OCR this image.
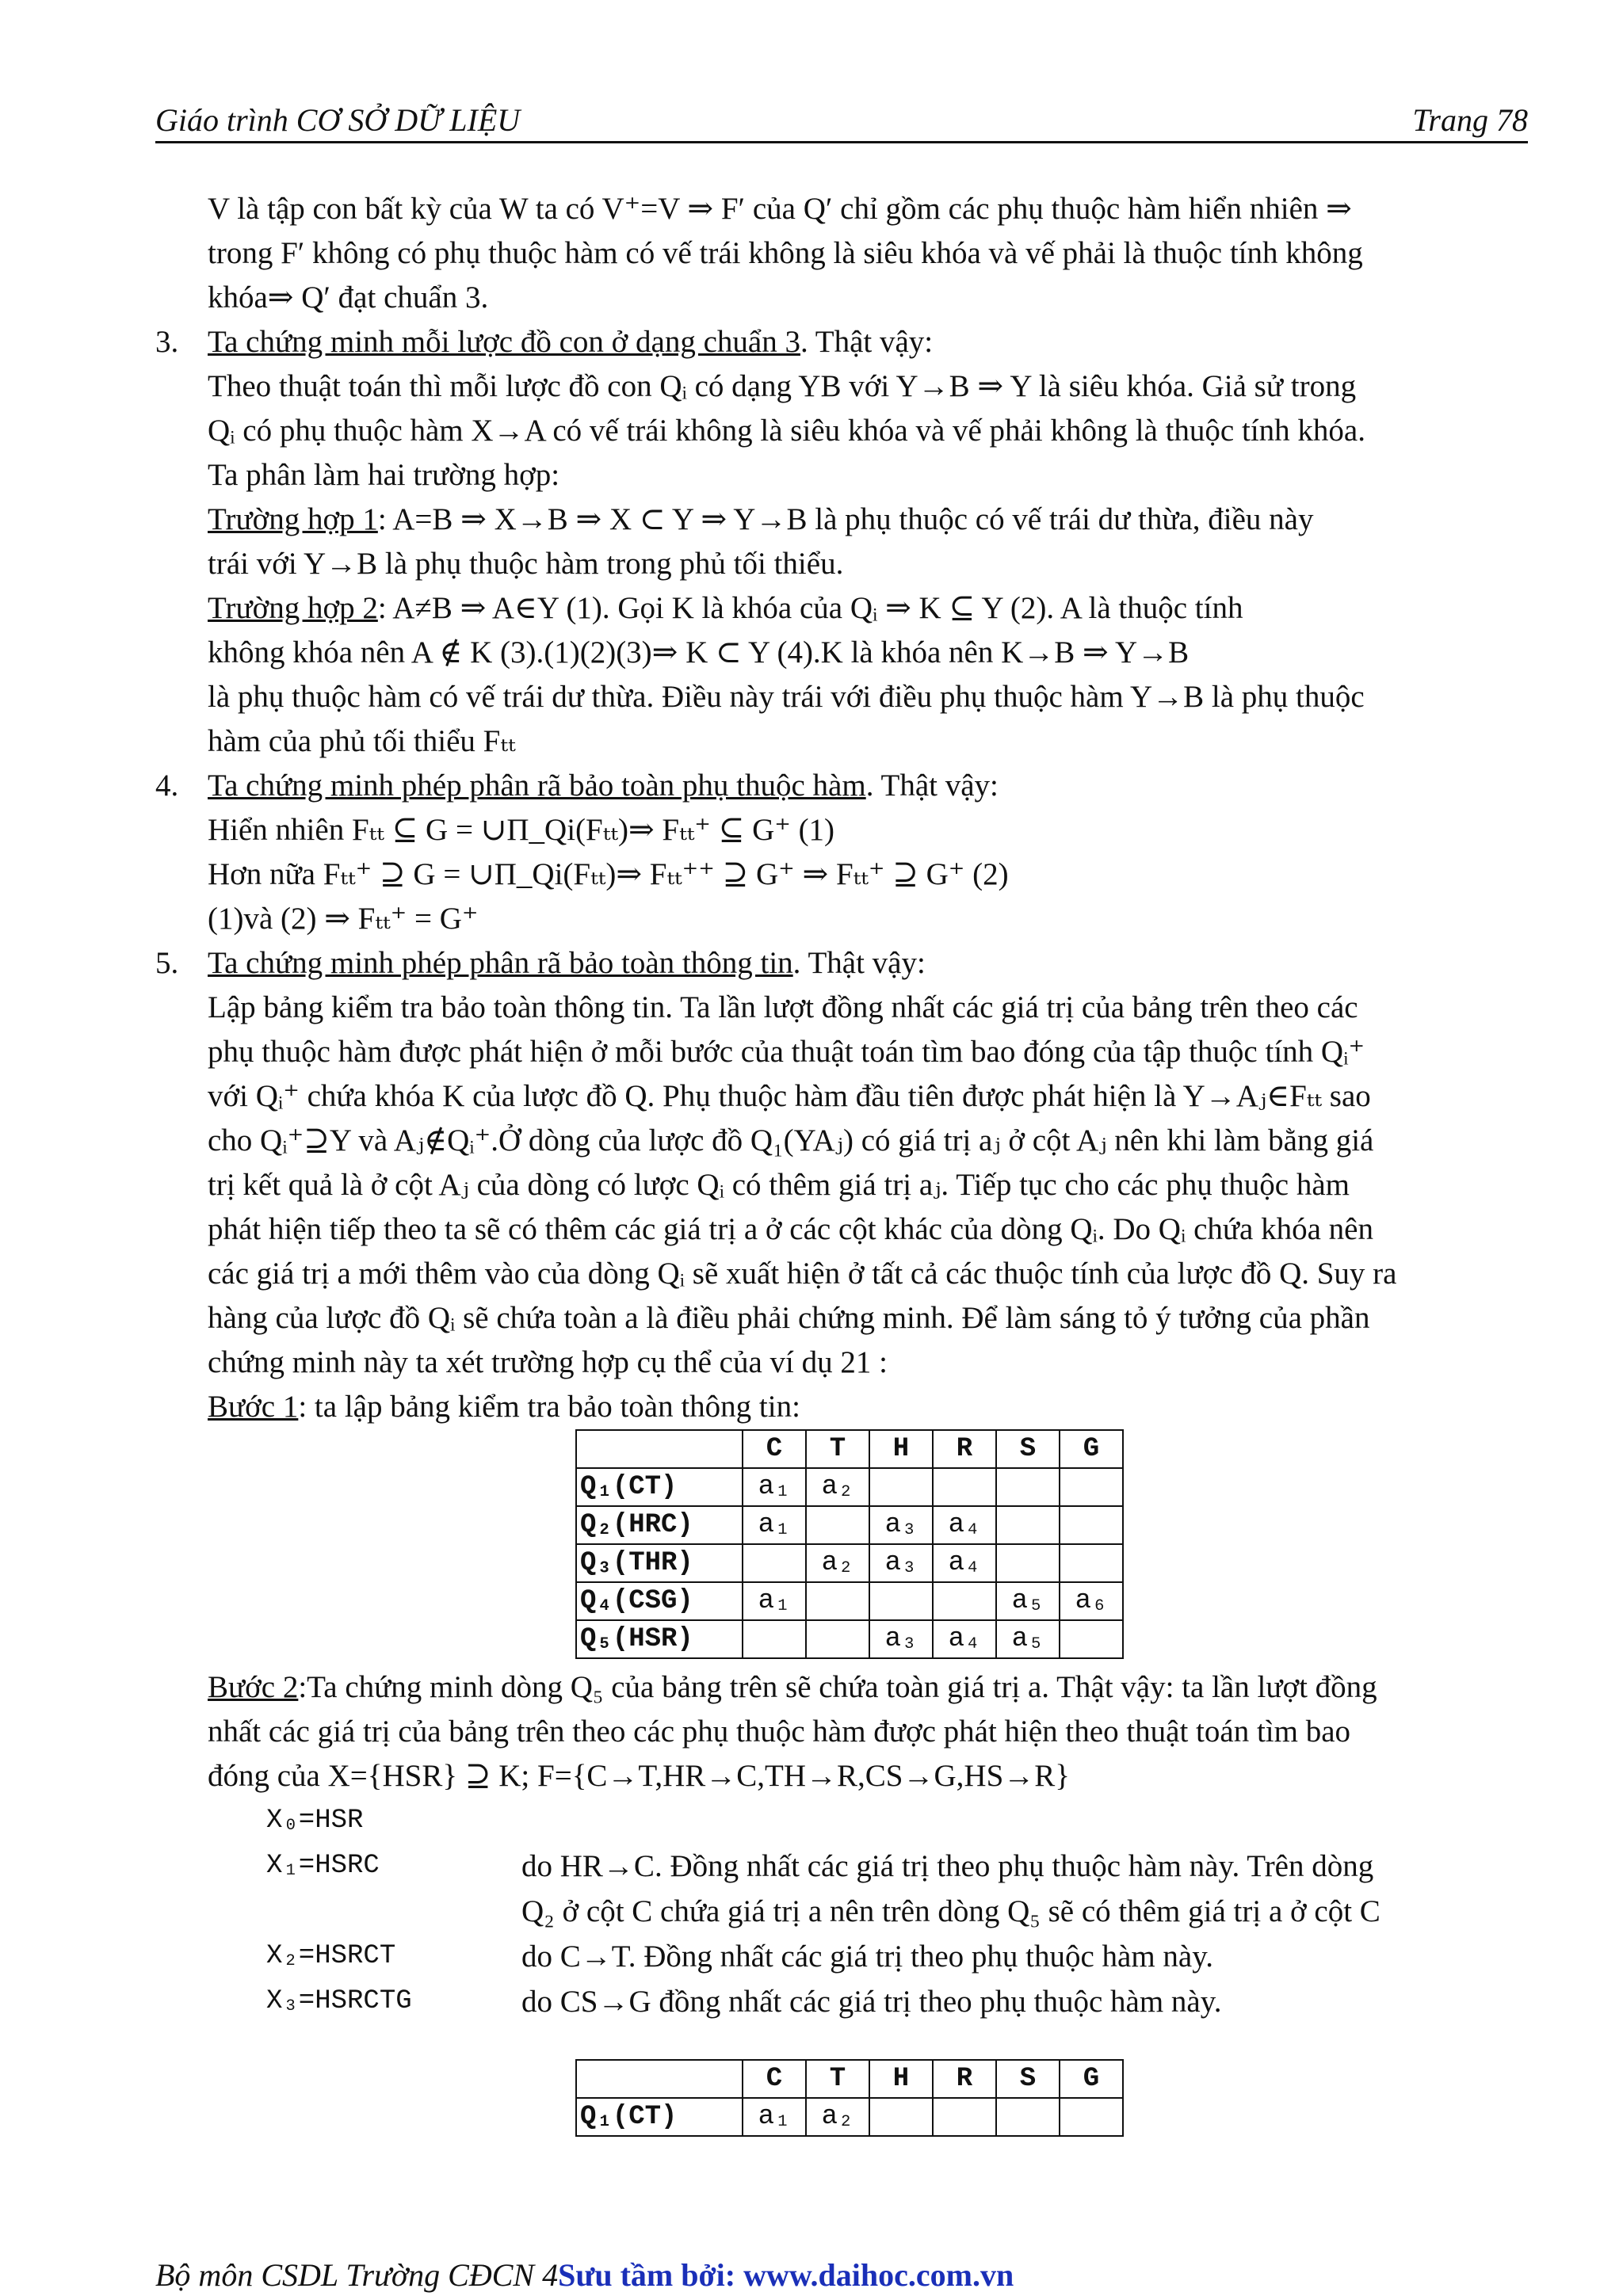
Giáo trình CƠ SỞ DỮ LIỆU	Trang 78
V là tập con bất kỳ của W ta có V⁺=V ⇒ F′ của Q′ chỉ gồm các phụ thuộc hàm hiển nhiên ⇒
trong F′ không có phụ thuộc hàm có vế trái không là siêu khóa và vế phải là thuộc tính không
khóa⇒ Q′ đạt chuẩn 3.
3. Ta chứng minh mỗi lược đồ con ở dạng chuẩn 3. Thật vậy:
Theo thuật toán thì mỗi lược đồ con Qᵢ có dạng YB với Y→B ⇒ Y là siêu khóa. Giả sử trong
Qᵢ có phụ thuộc hàm X→A có vế trái không là siêu khóa và vế phải không là thuộc tính khóa.
Ta phân làm hai trường hợp:
Trường hợp 1: A=B ⇒ X→B ⇒ X ⊂ Y ⇒ Y→B là phụ thuộc có vế trái dư thừa, điều này
trái với Y→B là phụ thuộc hàm trong phủ tối thiểu.
Trường hợp 2: A≠B ⇒ A∈Y (1). Gọi K là khóa của Qᵢ ⇒ K ⊆ Y (2). A là thuộc tính
không khóa nên A ∉ K (3).(1)(2)(3)⇒ K ⊂ Y (4).K là khóa nên K→B ⇒ Y→B
là phụ thuộc hàm có vế trái dư thừa. Điều này trái với điều phụ thuộc hàm Y→B là phụ thuộc
hàm của phủ tối thiểu Fₜₜ
4. Ta chứng minh phép phân rã bảo toàn phụ thuộc hàm. Thật vậy:
Hiển nhiên Fₜₜ ⊆ G = ∪Π_Qi(Fₜₜ)⇒ Fₜₜ⁺ ⊆ G⁺ (1)
Hơn nữa Fₜₜ⁺ ⊇ G = ∪Π_Qi(Fₜₜ)⇒ Fₜₜ⁺⁺ ⊇ G⁺ ⇒ Fₜₜ⁺ ⊇ G⁺ (2)
(1)và (2) ⇒ Fₜₜ⁺ = G⁺
5. Ta chứng minh phép phân rã bảo toàn thông tin. Thật vậy:
Lập bảng kiểm tra bảo toàn thông tin. Ta lần lượt đồng nhất các giá trị của bảng trên theo các
phụ thuộc hàm được phát hiện ở mỗi bước của thuật toán tìm bao đóng của tập thuộc tính Qᵢ⁺
với Qᵢ⁺ chứa khóa K của lược đồ Q. Phụ thuộc hàm đầu tiên được phát hiện là Y→Aⱼ∈Fₜₜ sao
cho Qᵢ⁺⊇Y và Aⱼ∉Qᵢ⁺.Ở dòng của lược đồ Q₁(YAⱼ) có giá trị aⱼ ở cột Aⱼ nên khi làm bằng giá
trị kết quả là ở cột Aⱼ của dòng có lược Qᵢ có thêm giá trị aⱼ. Tiếp tục cho các phụ thuộc hàm
phát hiện tiếp theo ta sẽ có thêm các giá trị a ở các cột khác của dòng Qᵢ. Do Qᵢ chứa khóa nên
các giá trị a mới thêm vào của dòng Qᵢ sẽ xuất hiện ở tất cả các thuộc tính của lược đồ Q. Suy ra
hàng của lược đồ Qᵢ sẽ chứa toàn a là điều phải chứng minh. Để làm sáng tỏ ý tưởng của phần
chứng minh này ta xét trường hợp cụ thể của ví dụ 21 :
Bước 1: ta lập bảng kiểm tra bảo toàn thông tin:
	C	T	H	R	S	G
Q₁(CT)	a₁	a₂				
Q₂(HRC)	a₁		a₃	a₄		
Q₃(THR)		a₂	a₃	a₄		
Q₄(CSG)	a₁				a₅	a₆
Q₅(HSR)			a₃	a₄	a₅	
Bước 2:Ta chứng minh dòng Q₅ của bảng trên sẽ chứa toàn giá trị a. Thật vậy: ta lần lượt đồng
nhất các giá trị của bảng trên theo các phụ thuộc hàm được phát hiện theo thuật toán tìm bao
đóng của X={HSR} ⊇ K; F={C→T,HR→C,TH→R,CS→G,HS→R}
X₀=HSR
X₁=HSRC	do HR→C. Đồng nhất các giá trị theo phụ thuộc hàm này. Trên dòng
Q₂ ở cột C chứa giá trị a nên trên dòng Q₅ sẽ có thêm giá trị a ở cột C
X₂=HSRCT	do C→T. Đồng nhất các giá trị theo phụ thuộc hàm này.
X₃=HSRCTG	do CS→G đồng nhất các giá trị theo phụ thuộc hàm này.
	C	T	H	R	S	G
Q₁(CT)	a₁	a₂				
Bộ môn CSDL Trường CĐCN 4Sưu tầm bởi: www.daihoc.com.vn
